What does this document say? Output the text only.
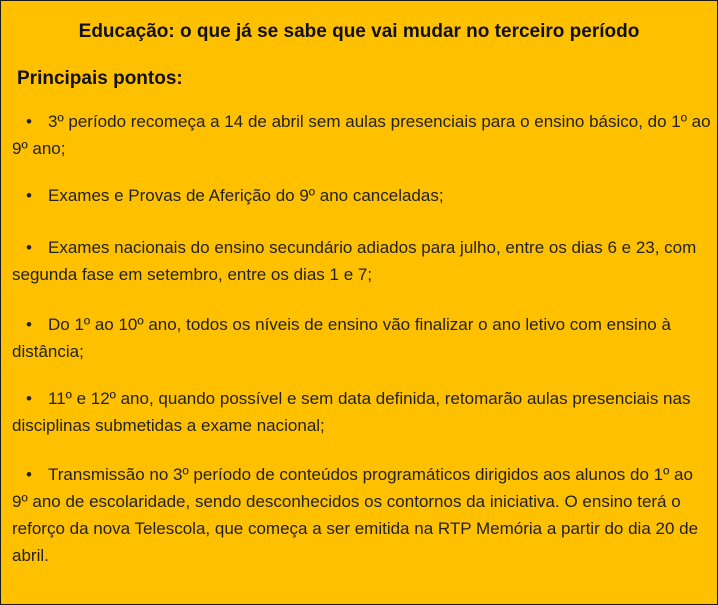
Educação: o que já se sabe que vai mudar no terceiro período
Principais pontos:
• 3º período recomeça a 14 de abril sem aulas presenciais para o ensino básico, do 1º ao 9º ano;
• Exames e Provas de Aferição do 9º ano canceladas;
• Exames nacionais do ensino secundário adiados para julho, entre os dias 6 e 23, com segunda fase em setembro, entre os dias 1 e 7;
• Do 1º ao 10º ano, todos os níveis de ensino vão finalizar o ano letivo com ensino à distância;
• 11º e 12º ano, quando possível e sem data definida, retomarão aulas presenciais nas disciplinas submetidas a exame nacional;
• Transmissão no 3º período de conteúdos programáticos dirigidos aos alunos do 1º ao 9º ano de escolaridade, sendo desconhecidos os contornos da iniciativa. O ensino terá o reforço da nova Telescola, que começa a ser emitida na RTP Memória a partir do dia 20 de abril.
